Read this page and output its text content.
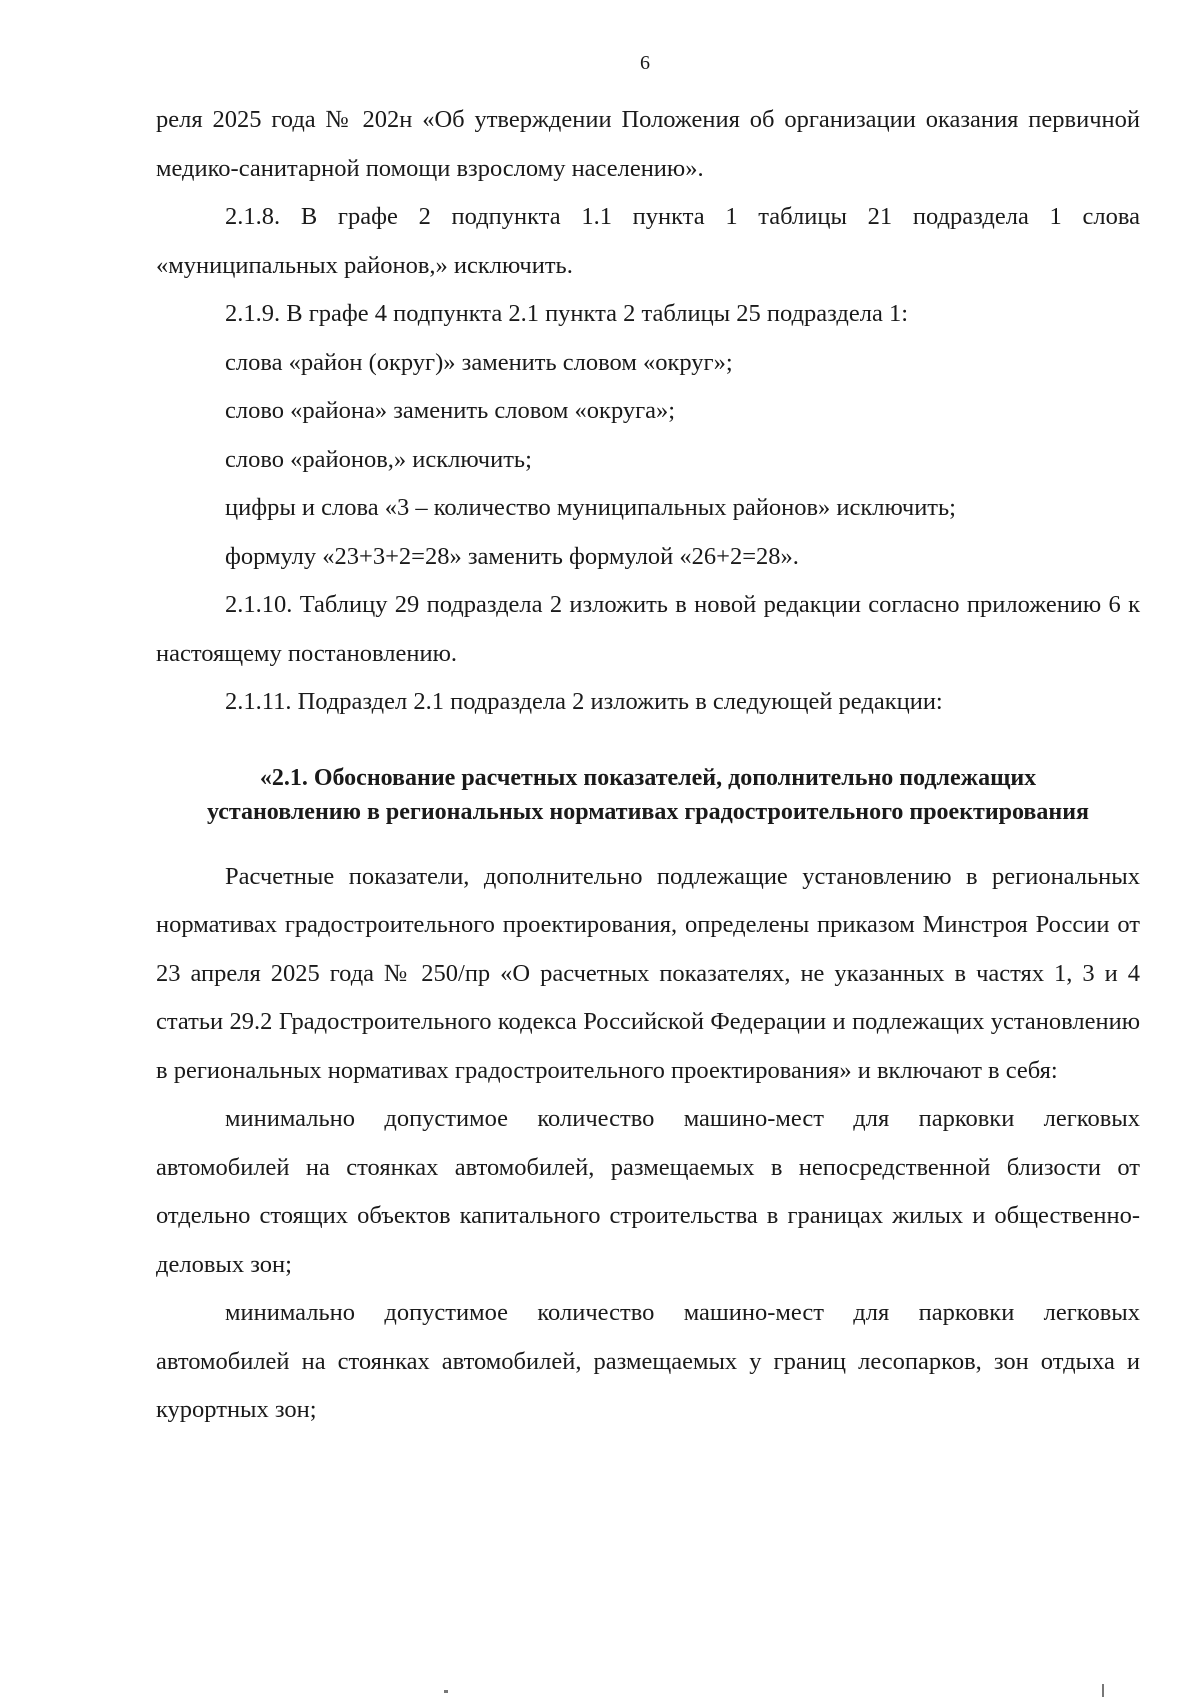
6

реля 2025 года № 202н «Об утверждении Положения об организации оказания первичной медико-санитарной помощи взрослому населению».

2.1.8. В графе 2 подпункта 1.1 пункта 1 таблицы 21 подраздела 1 слова «муниципальных районов,» исключить.

2.1.9. В графе 4 подпункта 2.1 пункта 2 таблицы 25 подраздела 1:

слова «район (округ)» заменить словом «округ»;

слово «района» заменить словом «округа»;

слово «районов,» исключить;

цифры и слова «3 – количество муниципальных районов» исключить;

формулу «23+3+2=28» заменить формулой «26+2=28».

2.1.10. Таблицу 29 подраздела 2 изложить в новой редакции согласно приложению 6 к настоящему постановлению.

2.1.11. Подраздел 2.1 подраздела 2 изложить в следующей редакции:

«2.1. Обоснование расчетных показателей, дополнительно подлежащих установлению в региональных нормативах градостроительного проектирования

Расчетные показатели, дополнительно подлежащие установлению в региональных нормативах градостроительного проектирования, определены приказом Минстроя России от 23 апреля 2025 года № 250/пр «О расчетных показателях, не указанных в частях 1, 3 и 4 статьи 29.2 Градостроительного кодекса Российской Федерации и подлежащих установлению в региональных нормативах градостроительного проектирования» и включают в себя:

минимально допустимое количество машино-мест для парковки легковых автомобилей на стоянках автомобилей, размещаемых в непосредственной близости от отдельно стоящих объектов капитального строительства в границах жилых и общественно-деловых зон;

минимально допустимое количество машино-мест для парковки легковых автомобилей на стоянках автомобилей, размещаемых у границ лесопарков, зон отдыха и курортных зон;
